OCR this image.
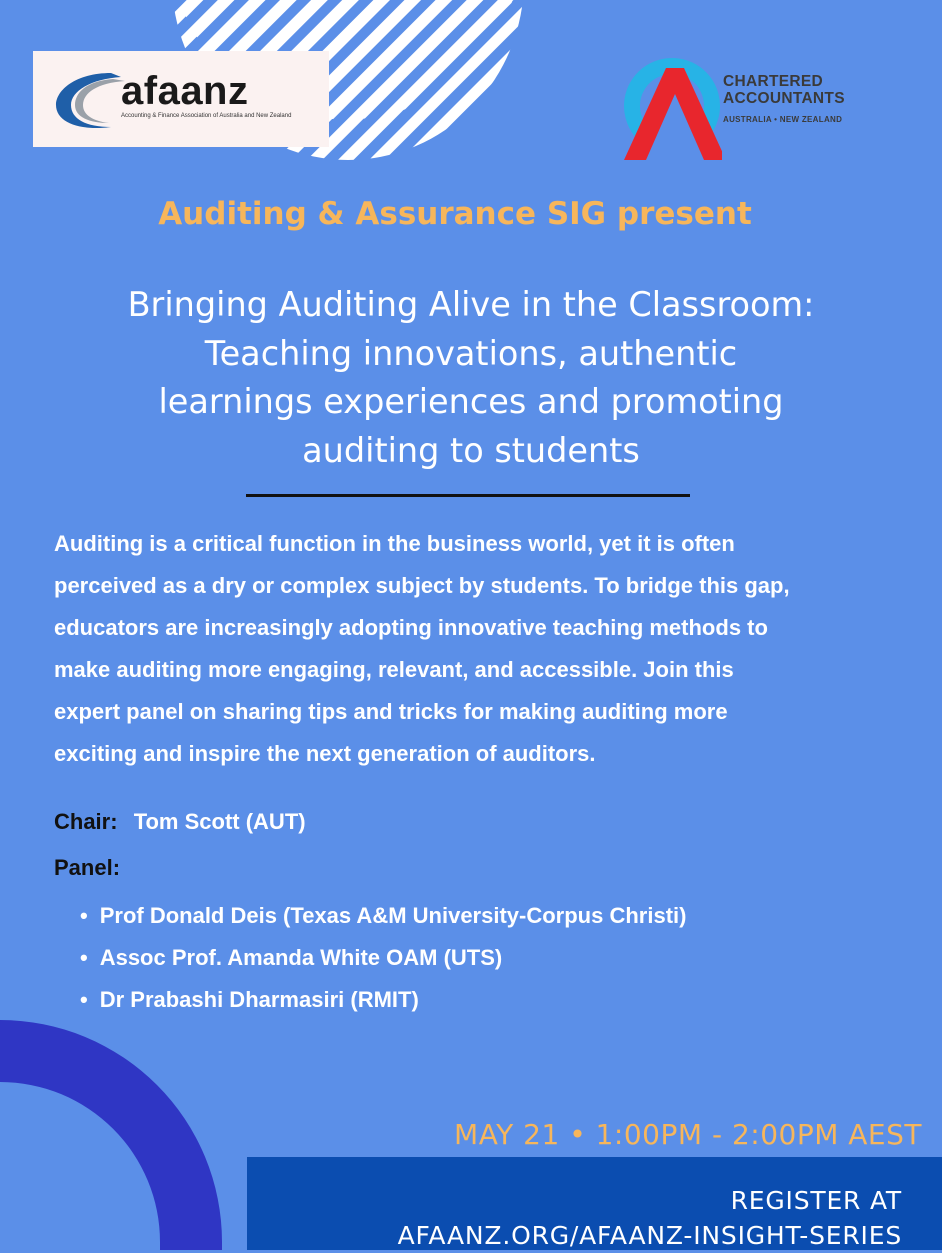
afaanz
Accounting & Finance Association of Australia and New Zealand
CHARTERED
ACCOUNTANTS
AUSTRALIA • NEW ZEALAND
Auditing & Assurance SIG present
Bringing Auditing Alive in the Classroom:
Teaching innovations, authentic
learnings experiences and promoting
auditing to students
Auditing is a critical function in the business world, yet it is often
perceived as a dry or complex subject by students. To bridge this gap,
educators are increasingly adopting innovative teaching methods to
make auditing more engaging, relevant, and accessible. Join this
expert panel on sharing tips and tricks for making auditing more
exciting and inspire the next generation of auditors.
Chair: Tom Scott (AUT)
Panel:
• Prof Donald Deis (Texas A&M University-Corpus Christi)
• Assoc Prof. Amanda White OAM (UTS)
• Dr Prabashi Dharmasiri (RMIT)
MAY 21 • 1:00PM - 2:00PM AEST
REGISTER AT
AFAANZ.ORG/AFAANZ-INSIGHT-SERIES
